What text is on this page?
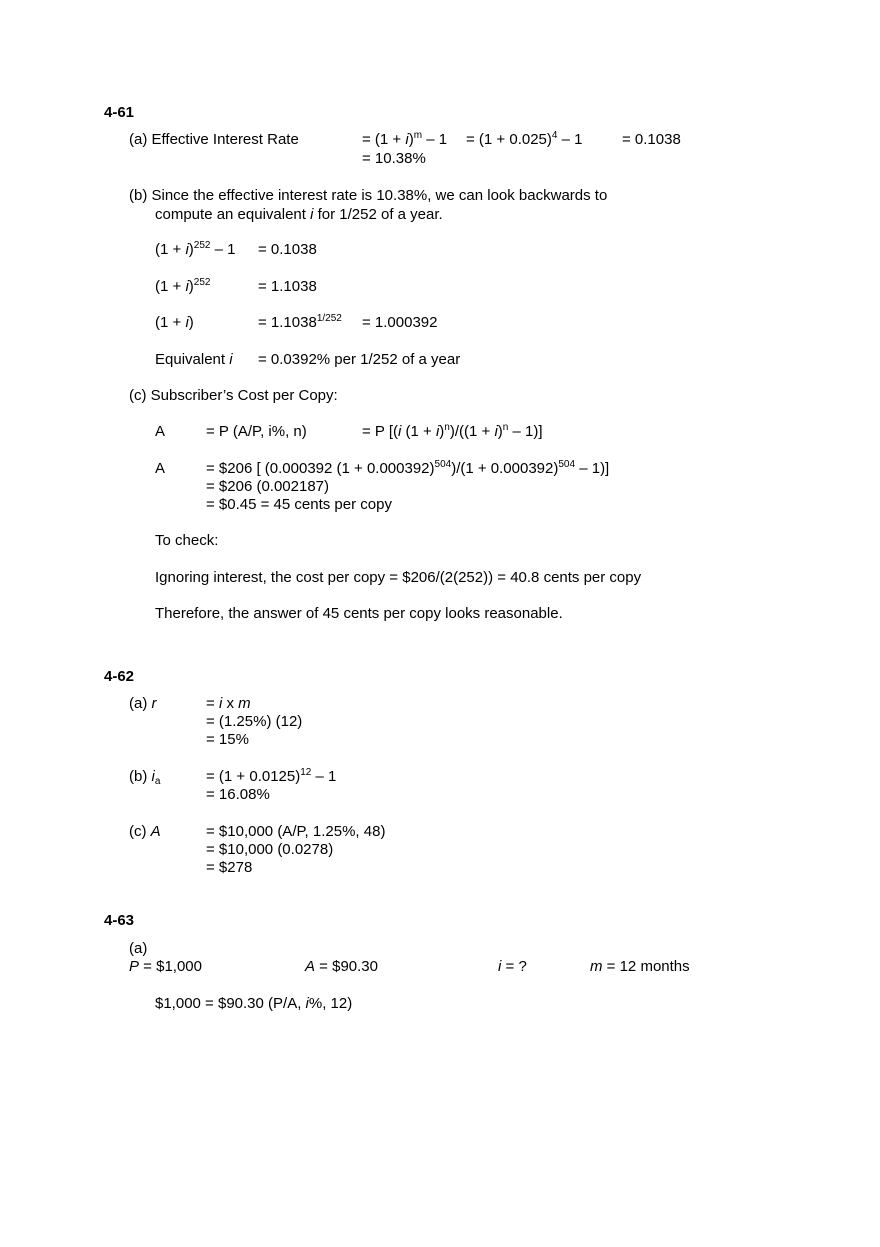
4-61
(a) Effective Interest Rate	= $(1 + i)^m - 1 = (1 + 0.025)^4 - 1$	= 0.1038
= 10.38%
(b) Since the effective interest rate is 10.38%, we can look backwards to
compute an equivalent i for 1/252 of a year.
$(1 + i)^{252} - 1 = 0.1038$
$(1 + i)^{252}$	= 1.1038
(1 + i)	= $1.1038^{1/252} = 1.000392$
Equivalent i = 0.0392% per 1/252 of a year
(c) Subscriber’s Cost per Copy:
A	= P (A/P, i%, n)	= P [(i $(1 + i)^n)/((1 + i)^n - 1)$]
A	= $206 [ (0.000392 $(1 + 0.000392)^{504})/(1 + 0.000392)^{504} - 1$)]
= $206 (0.002187)
= $0.45 = 45 cents per copy
To check:
Ignoring interest, the cost per copy = $206/(2(252)) = 40.8 cents per copy
Therefore, the answer of 45 cents per copy looks reasonable.
4-62
(a) r	= i x m
= (1.25%) (12)
= 15%
(b) $i_a$	= $(1 + 0.0125)^{12} - 1$
= 16.08%
(c) A	= $10,000 (A/P, 1.25%, 48)
= $10,000 (0.0278)
= $278
4-63
(a)
P = $1,000	A = $90.30	i = ?	m = 12 months
$1,000 = $90.30 (P/A, i%, 12)
